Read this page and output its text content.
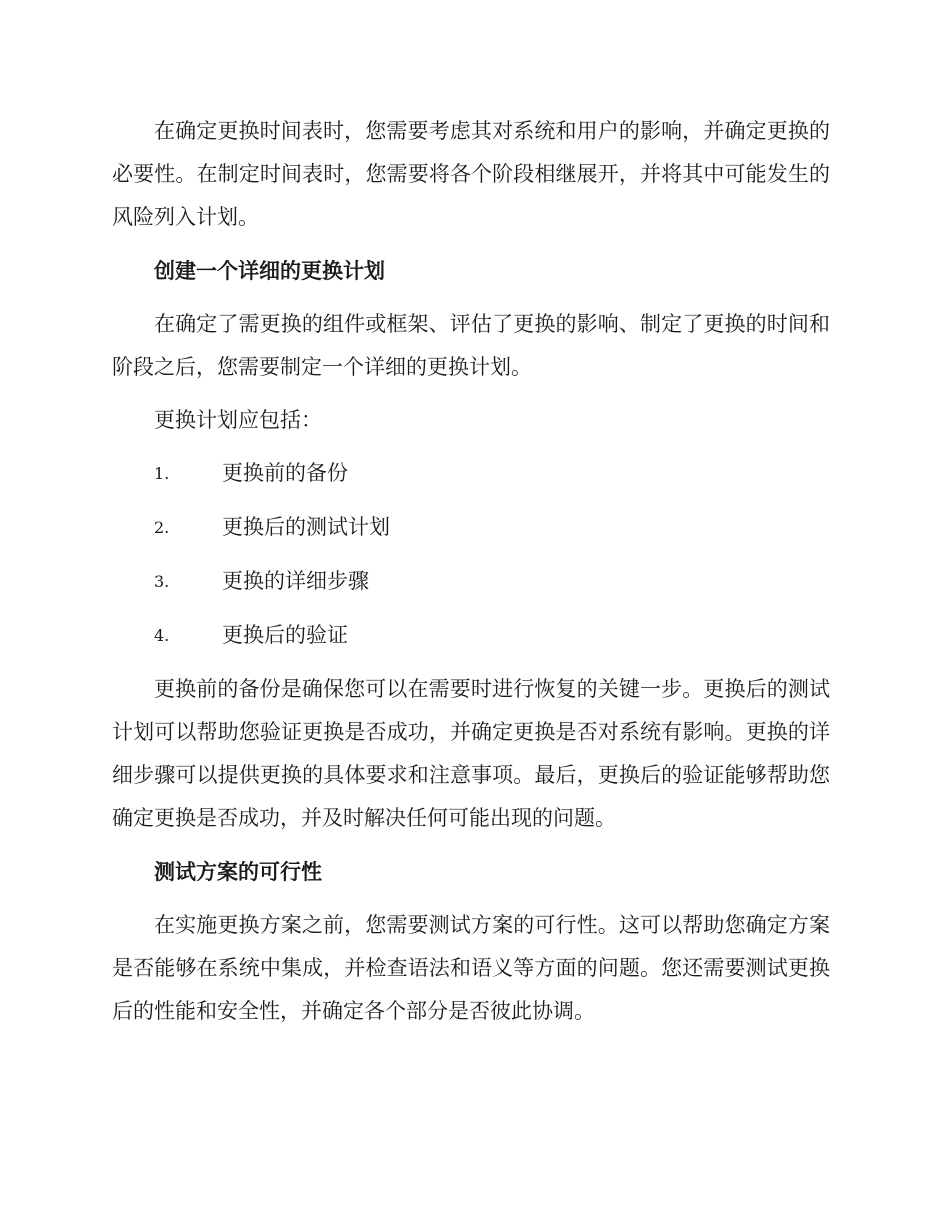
在确定更换时间表时，您需要考虑其对系统和用户的影响，并确定更换的必要性。在制定时间表时，您需要将各个阶段相继展开，并将其中可能发生的风险列入计划。

创建一个详细的更换计划

在确定了需更换的组件或框架、评估了更换的影响、制定了更换的时间和阶段之后，您需要制定一个详细的更换计划。

更换计划应包括：

1.	更换前的备份
2.	更换后的测试计划
3.	更换的详细步骤
4.	更换后的验证

更换前的备份是确保您可以在需要时进行恢复的关键一步。更换后的测试计划可以帮助您验证更换是否成功，并确定更换是否对系统有影响。更换的详细步骤可以提供更换的具体要求和注意事项。最后，更换后的验证能够帮助您确定更换是否成功，并及时解决任何可能出现的问题。

测试方案的可行性

在实施更换方案之前，您需要测试方案的可行性。这可以帮助您确定方案是否能够在系统中集成，并检查语法和语义等方面的问题。您还需要测试更换后的性能和安全性，并确定各个部分是否彼此协调。
